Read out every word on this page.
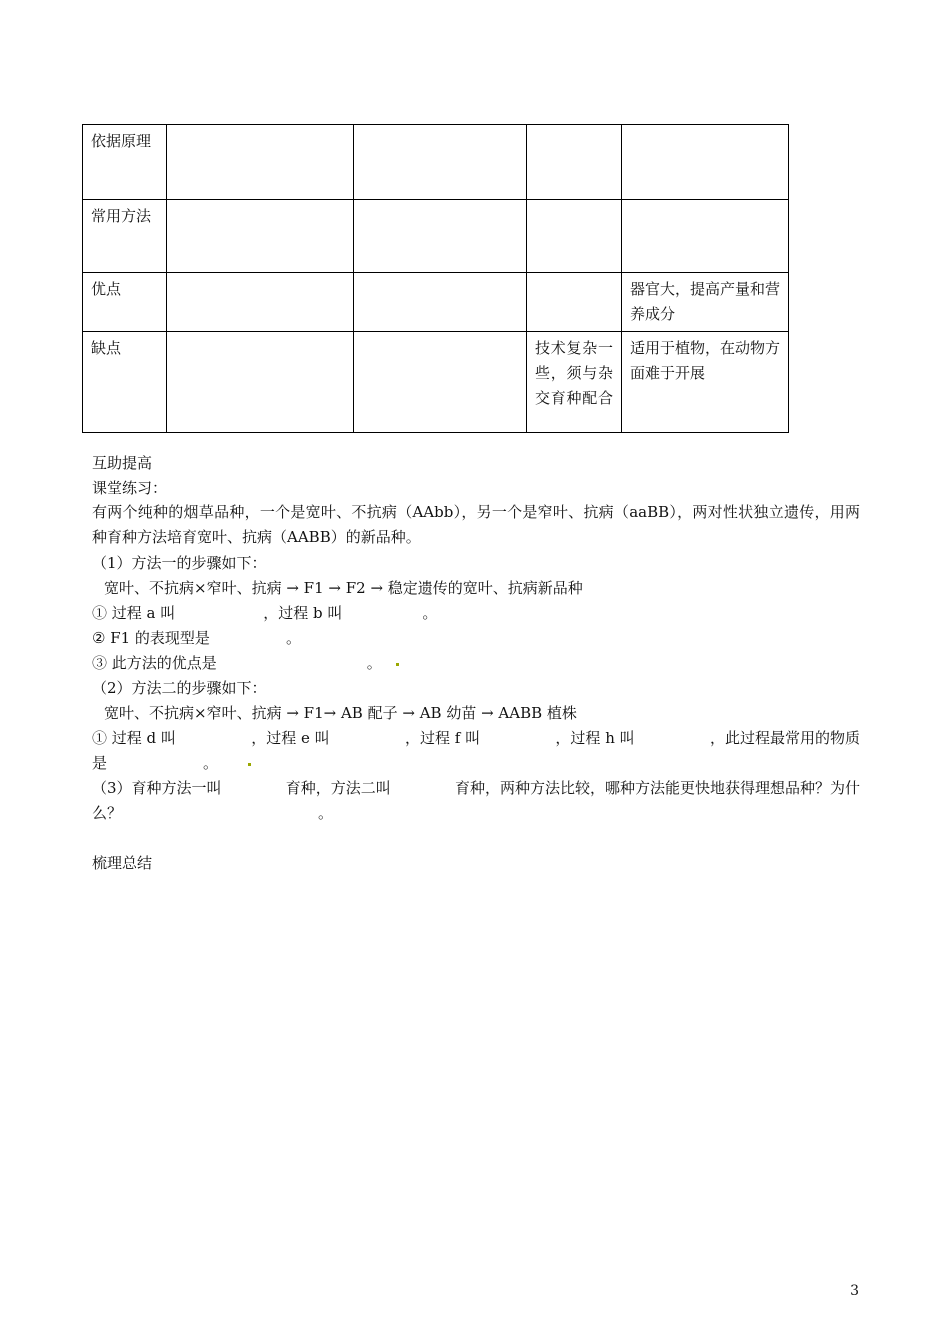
依据原理				
常用方法				
优点				器官大，提高产量和营养成分
缺点			技术复杂一些，须与杂交育种配合	适用于植物，在动物方面难于开展
互助提高
课堂练习：
有两个纯种的烟草品种，一个是宽叶、不抗病（AAbb），另一个是窄叶、抗病（aaBB），两对性状独立遗传，用两种育种方法培育宽叶、抗病（AABB）的新品种。
（1）方法一的步骤如下：
宽叶、不抗病×窄叶、抗病 → F1 → F2 → 稳定遗传的宽叶、抗病新品种
① 过程 a 叫	，过程 b 叫	。
② F1 的表现型是	。
③ 此方法的优点是	。
（2）方法二的步骤如下：
宽叶、不抗病×窄叶、抗病 → F1→ AB 配子 → AB 幼苗 → AABB 植株
① 过程 d 叫	，过程 e 叫	，过程 f 叫	，过程 h 叫	，此过程最常用的物质
是	。
（3）育种方法一叫	育种，方法二叫	育种，两种方法比较，哪种方法能更快地获得理想品种？为什
么？	。
梳理总结
3
